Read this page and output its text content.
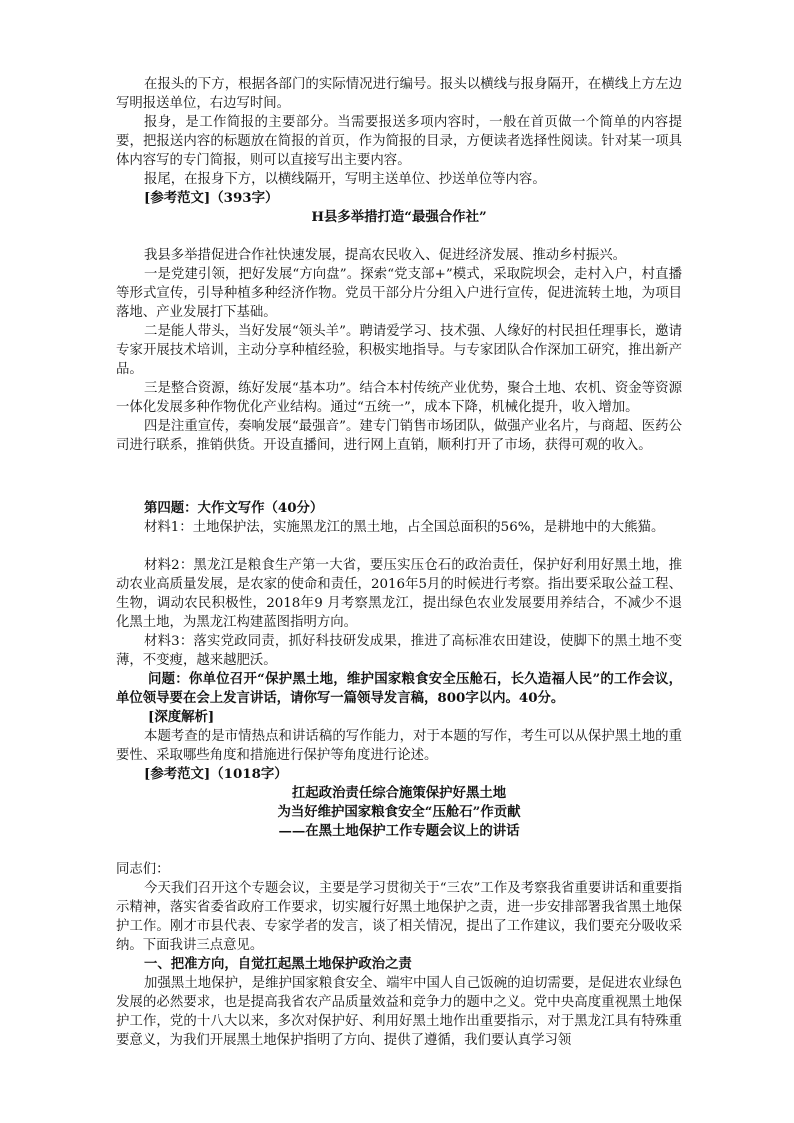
在报头的下方，根据各部门的实际情况进行编号。报头以横线与报身隔开，在横线上方左边写明报送单位，右边写时间。

报身，是工作简报的主要部分。当需要报送多项内容时，一般在首页做一个简单的内容提要，把报送内容的标题放在简报的首页，作为简报的目录，方便读者选择性阅读。针对某一项具体内容写的专门简报，则可以直接写出主要内容。

报尾，在报身下方，以横线隔开，写明主送单位、抄送单位等内容。

[参考范文]（393字）

H县多举措打造“最强合作社”

我县多举措促进合作社快速发展，提高农民收入、促进经济发展、推动乡村振兴。

一是党建引领，把好发展“方向盘”。探索“党支部+”模式，采取院坝会，走村入户，村直播等形式宣传，引导种植多种经济作物。党员干部分片分组入户进行宣传，促进流转土地，为项目落地、产业发展打下基础。

二是能人带头，当好发展“领头羊”。聘请爱学习、技术强、人缘好的村民担任理事长，邀请专家开展技术培训，主动分享种植经验，积极实地指导。与专家团队合作深加工研究，推出新产品。

三是整合资源，练好发展“基本功”。结合本村传统产业优势，聚合土地、农机、资金等资源一体化发展多种作物优化产业结构。通过“五统一”，成本下降，机械化提升，收入增加。

四是注重宣传，奏响发展“最强音”。建专门销售市场团队，做强产业名片，与商超、医药公司进行联系，推销供货。开设直播间，进行网上直销，顺利打开了市场，获得可观的收入。

第四题：大作文写作（40分）

材料1：土地保护法，实施黑龙江的黑土地，占全国总面积的56%，是耕地中的大熊猫。

材料2：黑龙江是粮食生产第一大省，要压实压仓石的政治责任，保护好利用好黑土地，推动农业高质量发展，是农家的使命和责任，2016年5月的时候进行考察。指出要采取公益工程、生物，调动农民积极性，2018年9 月考察黑龙江，提出绿色农业发展要用养结合，不减少不退化黑土地，为黑龙江构建蓝图指明方向。

材料3：落实党政同责，抓好科技研发成果，推进了高标准农田建设，使脚下的黑土地不变薄，不变瘦，越来越肥沃。

问题：你单位召开“保护黑土地，维护国家粮食安全压舱石，长久造福人民”的工作会议，单位领导要在会上发言讲话，请你写一篇领导发言稿，800字以内。40分。

[深度解析]

本题考查的是市情热点和讲话稿的写作能力，对于本题的写作，考生可以从保护黑土地的重要性、采取哪些角度和措施进行保护等角度进行论述。

[参考范文]（1018字）

扛起政治责任综合施策保护好黑土地

为当好维护国家粮食安全“压舱石”作贡献

——在黑土地保护工作专题会议上的讲话

同志们：

今天我们召开这个专题会议，主要是学习贯彻关于“三农”工作及考察我省重要讲话和重要指示精神，落实省委省政府工作要求，切实履行好黑土地保护之责，进一步安排部署我省黑土地保护工作。刚才市县代表、专家学者的发言，谈了相关情况，提出了工作建议，我们要充分吸收采纳。下面我讲三点意见。

一、把准方向，自觉扛起黑土地保护政治之责

加强黑土地保护，是维护国家粮食安全、端牢中国人自己饭碗的迫切需要，是促进农业绿色发展的必然要求，也是提高我省农产品质量效益和竞争力的题中之义。党中央高度重视黑土地保护工作，党的十八大以来，多次对保护好、利用好黑土地作出重要指示，对于黑龙江具有特殊重要意义，为我们开展黑土地保护指明了方向、提供了遵循，我们要认真学习领
